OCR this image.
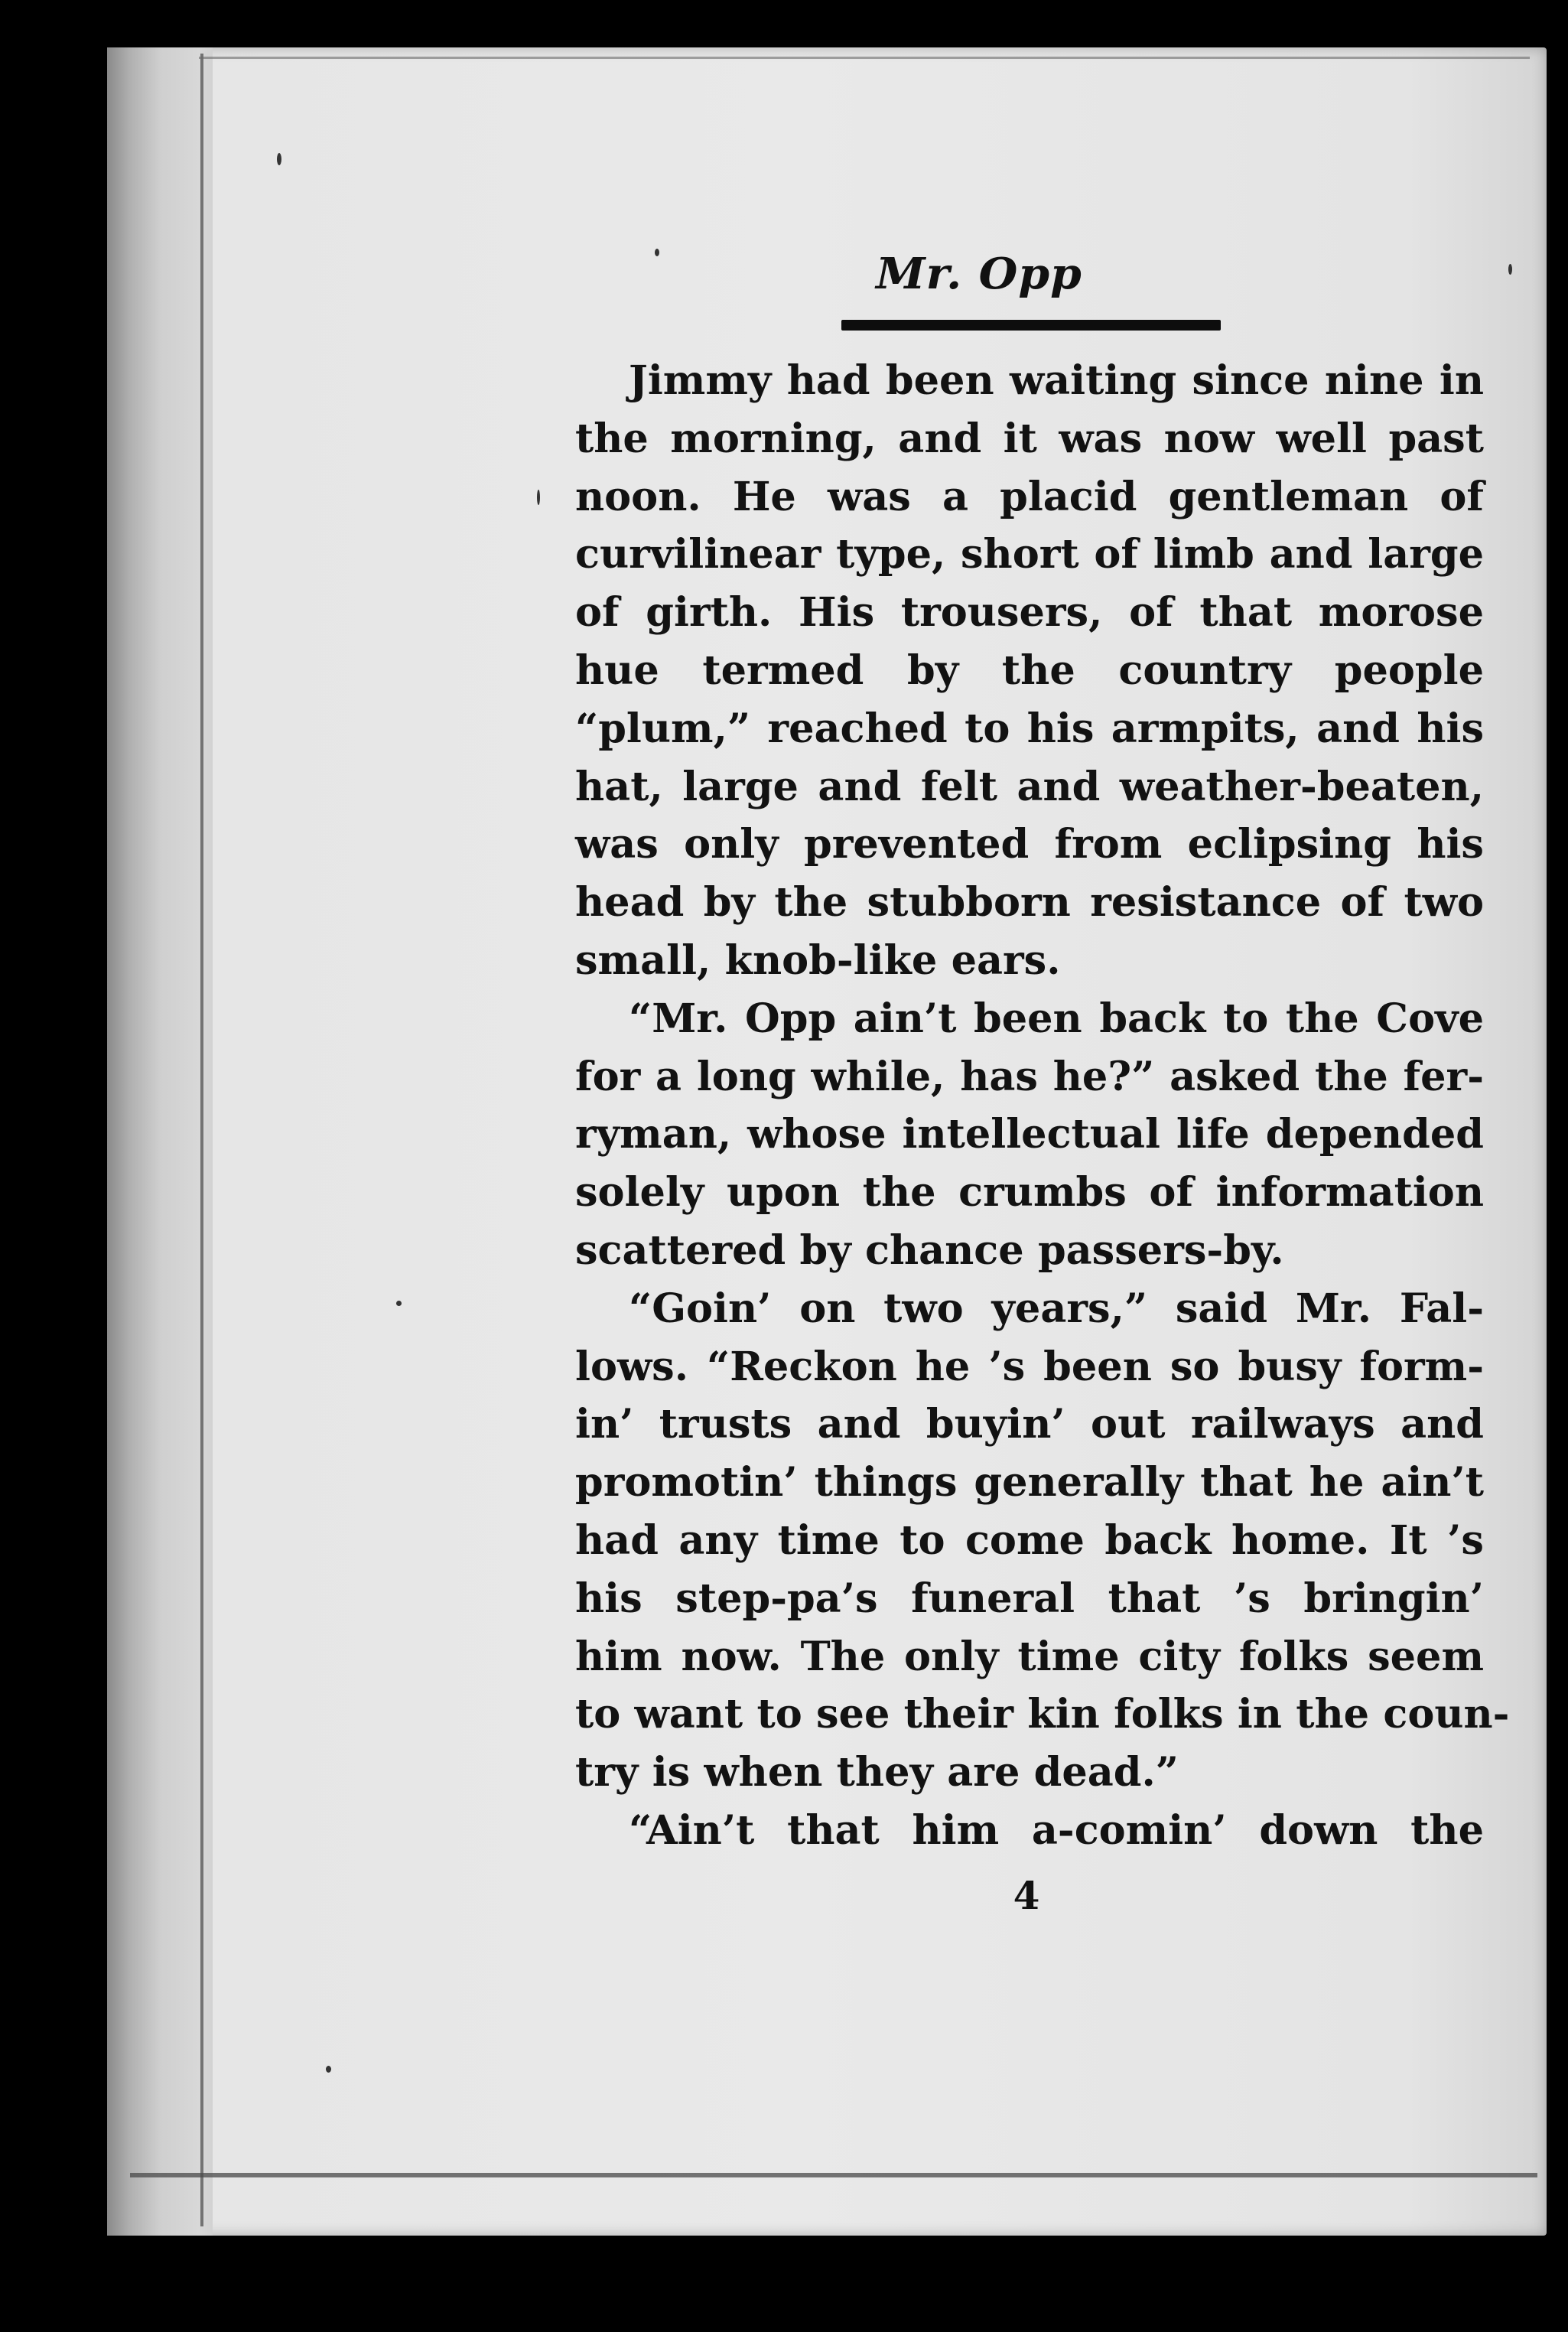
Mr. Opp
Jimmy had been waiting since nine in
the morning, and it was now well past
noon. He was a placid gentleman of
curvilinear type, short of limb and large
of girth. His trousers, of that morose
hue termed by the country people
“plum,” reached to his armpits, and his
hat, large and felt and weather-beaten,
was only prevented from eclipsing his
head by the stubborn resistance of two
small, knob-like ears.
“Mr. Opp ain’t been back to the Cove
for a long while, has he?” asked the fer-
ryman, whose intellectual life depended
solely upon the crumbs of information
scattered by chance passers-by.
“Goin’ on two years,” said Mr. Fal-
lows. “Reckon he ’s been so busy form-
in’ trusts and buyin’ out railways and
promotin’ things generally that he ain’t
had any time to come back home. It ’s
his step-pa’s funeral that ’s bringin’
him now. The only time city folks seem
to want to see their kin folks in the coun-
try is when they are dead.”
“Ain’t that him a-comin’ down the
4
